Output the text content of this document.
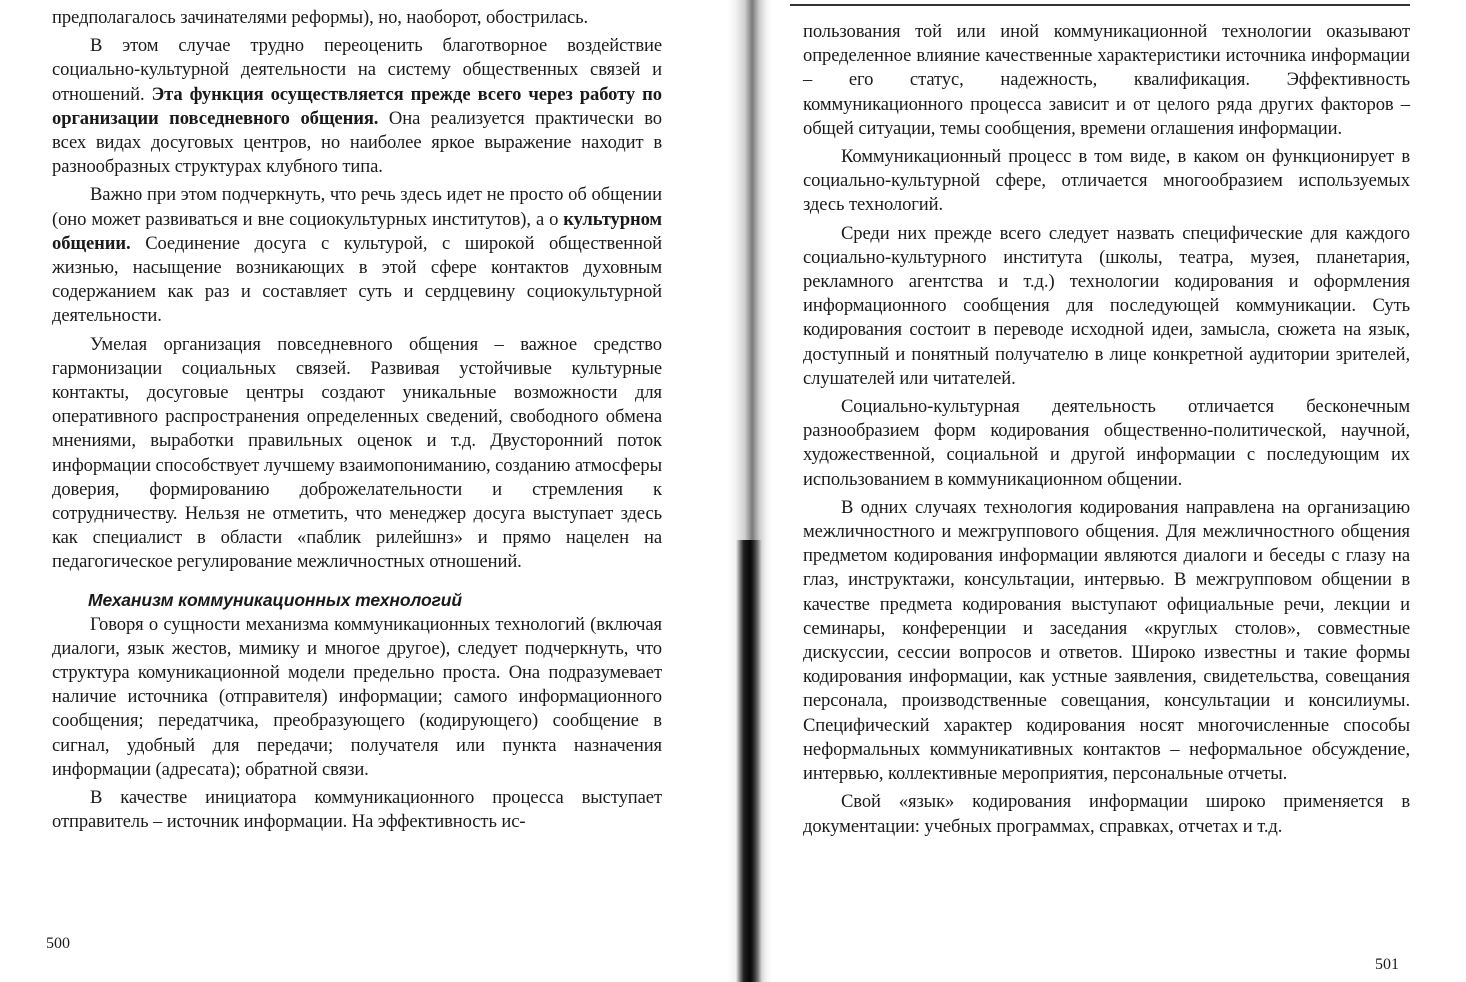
предполагалось зачинателями реформы), но, наоборот, обострилась.

В этом случае трудно переоценить благотворное воздействие социально-культурной деятельности на систему общественных связей и отношений. Эта функция осуществляется прежде всего через работу по организации повседневного общения. Она реализуется практически во всех видах досуговых центров, но наиболее яркое выражение находит в разнообразных структурах клубного типа.

Важно при этом подчеркнуть, что речь здесь идет не просто об общении (оно может развиваться и вне социокультурных институтов), а о культурном общении. Соединение досуга с культурой, с широкой общественной жизнью, насыщение возникающих в этой сфере контактов духовным содержанием как раз и составляет суть и сердцевину социокультурной деятельности.

Умелая организация повседневного общения – важное средство гармонизации социальных связей. Развивая устойчивые культурные контакты, досуговые центры создают уникальные возможности для оперативного распространения определенных сведений, свободного обмена мнениями, выработки правильных оценок и т.д. Двусторонний поток информации способствует лучшему взаимопониманию, созданию атмосферы доверия, формированию доброжелательности и стремления к сотрудничеству. Нельзя не отметить, что менеджер досуга выступает здесь как специалист в области «паблик рилейшнз» и прямо нацелен на педагогическое регулирование межличностных отношений.

Механизм коммуникационных технологий

Говоря о сущности механизма коммуникационных технологий (включая диалоги, язык жестов, мимику и многое другое), следует подчеркнуть, что структура комуникационной модели предельно проста. Она подразумевает наличие источника (отправителя) информации; самого информационного сообщения; передатчика, преобразующего (кодирующего) сообщение в сигнал, удобный для передачи; получателя или пункта назначения информации (адресата); обратной связи.

В качестве инициатора коммуникационного процесса выступает отправитель – источник информации. На эффективность ис-

500

пользования той или иной коммуникационной технологии оказывают определенное влияние качественные характеристики источника информации – его статус, надежность, квалификация. Эффективность коммуникационного процесса зависит и от целого ряда других факторов – общей ситуации, темы сообщения, времени оглашения информации.

Коммуникационный процесс в том виде, в каком он функционирует в социально-культурной сфере, отличается многообразием используемых здесь технологий.

Среди них прежде всего следует назвать специфические для каждого социально-культурного института (школы, театра, музея, планетария, рекламного агентства и т.д.) технологии кодирования и оформления информационного сообщения для последующей коммуникации. Суть кодирования состоит в переводе исходной идеи, замысла, сюжета на язык, доступный и понятный получателю в лице конкретной аудитории зрителей, слушателей или читателей.

Социально-культурная деятельность отличается бесконечным разнообразием форм кодирования общественно-политической, научной, художественной, социальной и другой информации с последующим их использованием в коммуникационном общении.

В одних случаях технология кодирования направлена на организацию межличностного и межгруппового общения. Для межличностного общения предметом кодирования информации являются диалоги и беседы с глазу на глаз, инструктажи, консультации, интервью. В межгрупповом общении в качестве предмета кодирования выступают официальные речи, лекции и семинары, конференции и заседания «круглых столов», совместные дискуссии, сессии вопросов и ответов. Широко известны и такие формы кодирования информации, как устные заявления, свидетельства, совещания персонала, производственные совещания, консультации и консилиумы. Специфический характер кодирования носят многочисленные способы неформальных коммуникативных контактов – неформальное обсуждение, интервью, коллективные мероприятия, персональные отчеты.

Свой «язык» кодирования информации широко применяется в документации: учебных программах, справках, отчетах и т.д.

501
